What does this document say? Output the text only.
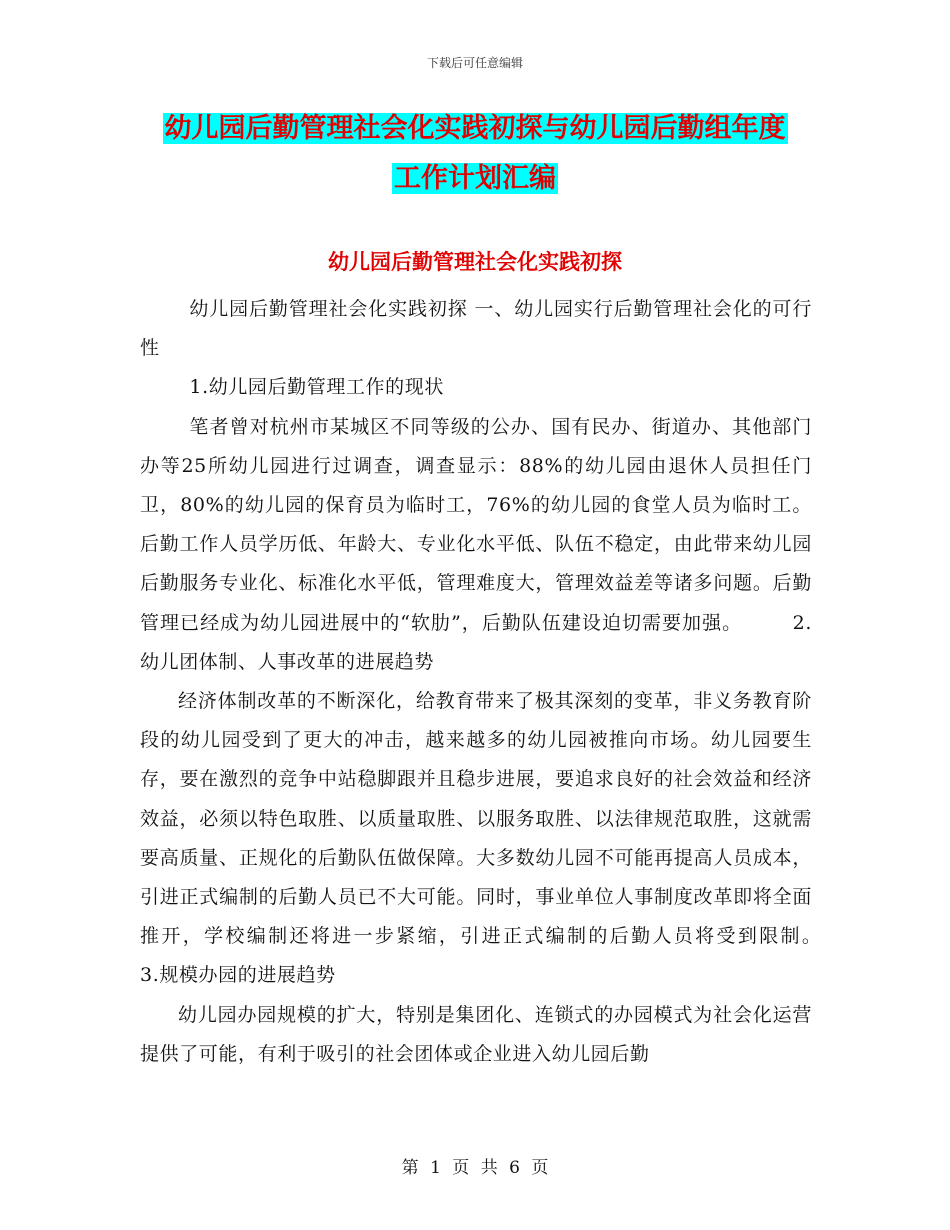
下载后可任意编辑
幼儿园后勤管理社会化实践初探与幼儿园后勤组年度
工作计划汇编
幼儿园后勤管理社会化实践初探

幼儿园后勤管理社会化实践初探 一、幼儿园实行后勤管理社会化的可行性

1.幼儿园后勤管理工作的现状

笔者曾对杭州市某城区不同等级的公办、国有民办、街道办、其他部门办等25所幼儿园进行过调查，调查显示：88%的幼儿园由退休人员担任门卫，80%的幼儿园的保育员为临时工，76%的幼儿园的食堂人员为临时工。后勤工作人员学历低、年龄大、专业化水平低、队伍不稳定，由此带来幼儿园后勤服务专业化、标准化水平低，管理难度大，管理效益差等诸多问题。后勤管理已经成为幼儿园进展中的“软肋”，后勤队伍建设迫切需要加强。　　　2.幼儿团体制、人事改革的进展趋势

经济体制改革的不断深化，给教育带来了极其深刻的变革，非义务教育阶段的幼儿园受到了更大的冲击，越来越多的幼儿园被推向市场。幼儿园要生存，要在激烈的竞争中站稳脚跟并且稳步进展，要追求良好的社会效益和经济效益，必须以特色取胜、以质量取胜、以服务取胜、以法律规范取胜，这就需要高质量、正规化的后勤队伍做保障。大多数幼儿园不可能再提高人员成本，引进正式编制的后勤人员已不大可能。同时，事业单位人事制度改革即将全面推开，学校编制还将进一步紧缩，引进正式编制的后勤人员将受到限制。　　　3.规模办园的进展趋势

幼儿园办园规模的扩大，特别是集团化、连锁式的办园模式为社会化运营提供了可能，有利于吸引的社会团体或企业进入幼儿园后勤

第 1 页 共 6 页
